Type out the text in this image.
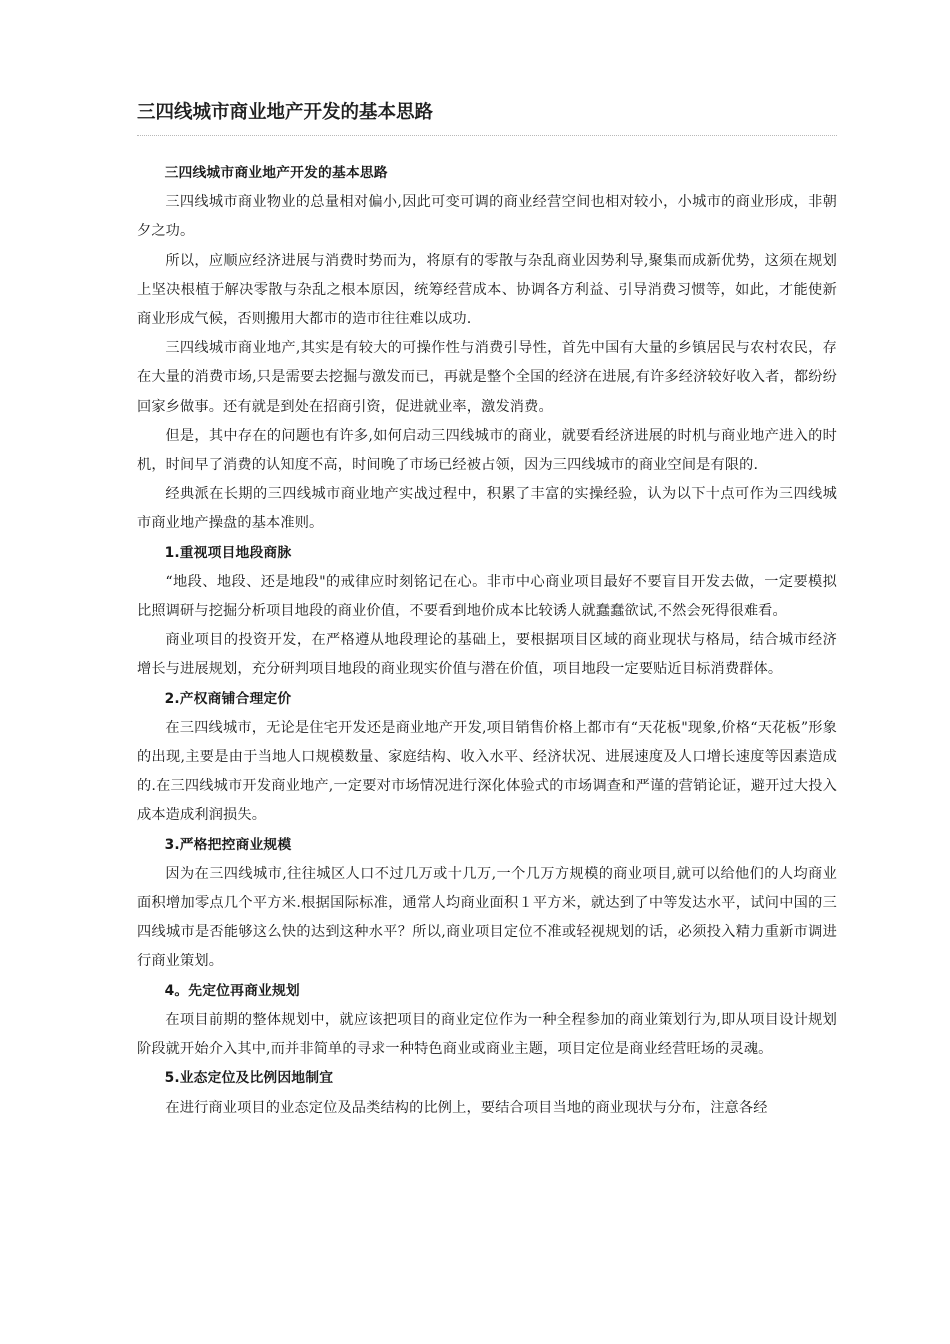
三四线城市商业地产开发的基本思路

三四线城市商业地产开发的基本思路

三四线城市商业物业的总量相对偏小,因此可变可调的商业经营空间也相对较小，小城市的商业形成，非朝夕之功。

所以，应顺应经济进展与消费时势而为，将原有的零散与杂乱商业因势利导,聚集而成新优势，这须在规划上坚决根植于解决零散与杂乱之根本原因，统筹经营成本、协调各方利益、引导消费习惯等，如此，才能使新商业形成气候，否则搬用大都市的造市往往难以成功.

三四线城市商业地产,其实是有较大的可操作性与消费引导性，首先中国有大量的乡镇居民与农村农民，存在大量的消费市场,只是需要去挖掘与激发而已，再就是整个全国的经济在进展,有许多经济较好收入者，都纷纷回家乡做事。还有就是到处在招商引资，促进就业率，激发消费。

但是，其中存在的问题也有许多,如何启动三四线城市的商业，就要看经济进展的时机与商业地产进入的时机，时间早了消费的认知度不高，时间晚了市场已经被占领，因为三四线城市的商业空间是有限的.

经典派在长期的三四线城市商业地产实战过程中，积累了丰富的实操经验，认为以下十点可作为三四线城市商业地产操盘的基本准则。

1.重视项目地段商脉

“地段、地段、还是地段"的戒律应时刻铭记在心。非市中心商业项目最好不要盲目开发去做，一定要模拟比照调研与挖掘分析项目地段的商业价值，不要看到地价成本比较诱人就蠢蠢欲试,不然会死得很难看。

商业项目的投资开发，在严格遵从地段理论的基础上，要根据项目区域的商业现状与格局，结合城市经济增长与进展规划，充分研判项目地段的商业现实价值与潜在价值，项目地段一定要贴近目标消费群体。

2.产权商铺合理定价

在三四线城市，无论是住宅开发还是商业地产开发,项目销售价格上都市有“天花板"现象,价格“天花板”形象的出现,主要是由于当地人口规模数量、家庭结构、收入水平、经济状况、进展速度及人口增长速度等因素造成的.在三四线城市开发商业地产,一定要对市场情况进行深化体验式的市场调查和严谨的营销论证，避开过大投入成本造成利润损失。

3.严格把控商业规模

因为在三四线城市,往往城区人口不过几万或十几万,一个几万方规模的商业项目,就可以给他们的人均商业面积增加零点几个平方米.根据国际标准，通常人均商业面积１平方米，就达到了中等发达水平，试问中国的三四线城市是否能够这么快的达到这种水平？所以,商业项目定位不准或轻视规划的话，必须投入精力重新市调进行商业策划。

4。先定位再商业规划

在项目前期的整体规划中，就应该把项目的商业定位作为一种全程参加的商业策划行为,即从项目设计规划阶段就开始介入其中,而并非简单的寻求一种特色商业或商业主题，项目定位是商业经营旺场的灵魂。

5.业态定位及比例因地制宜

在进行商业项目的业态定位及品类结构的比例上，要结合项目当地的商业现状与分布，注意各经
